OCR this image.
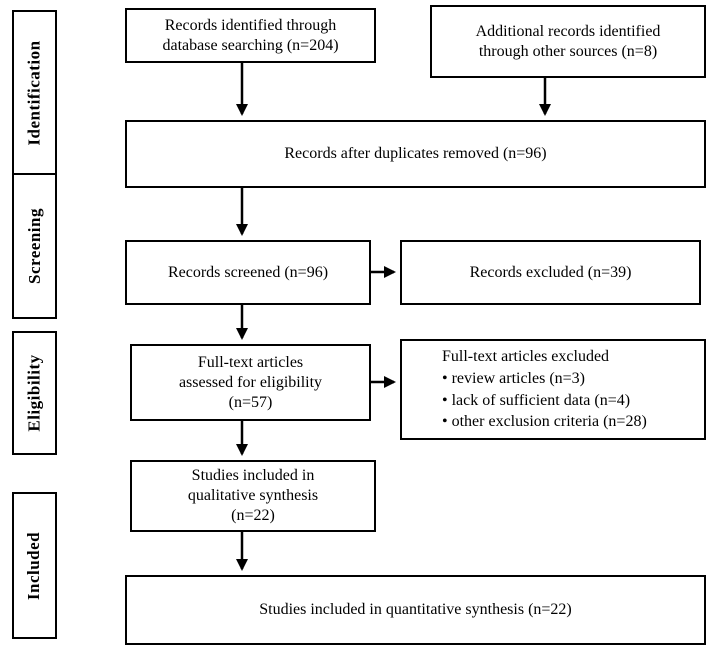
Identification
Screening
Eligibility
Included
Records identified through
database searching (n=204)
Additional records identified
through other sources (n=8)
Records after duplicates removed (n=96)
Records screened (n=96)	Records excluded (n=39)
Full-text articles
assessed for eligibility
(n=57)
Full-text articles excluded
• review articles (n=3)
• lack of sufficient data (n=4)
• other exclusion criteria (n=28)
Studies included in
qualitative synthesis
(n=22)
Studies included in quantitative synthesis (n=22)
